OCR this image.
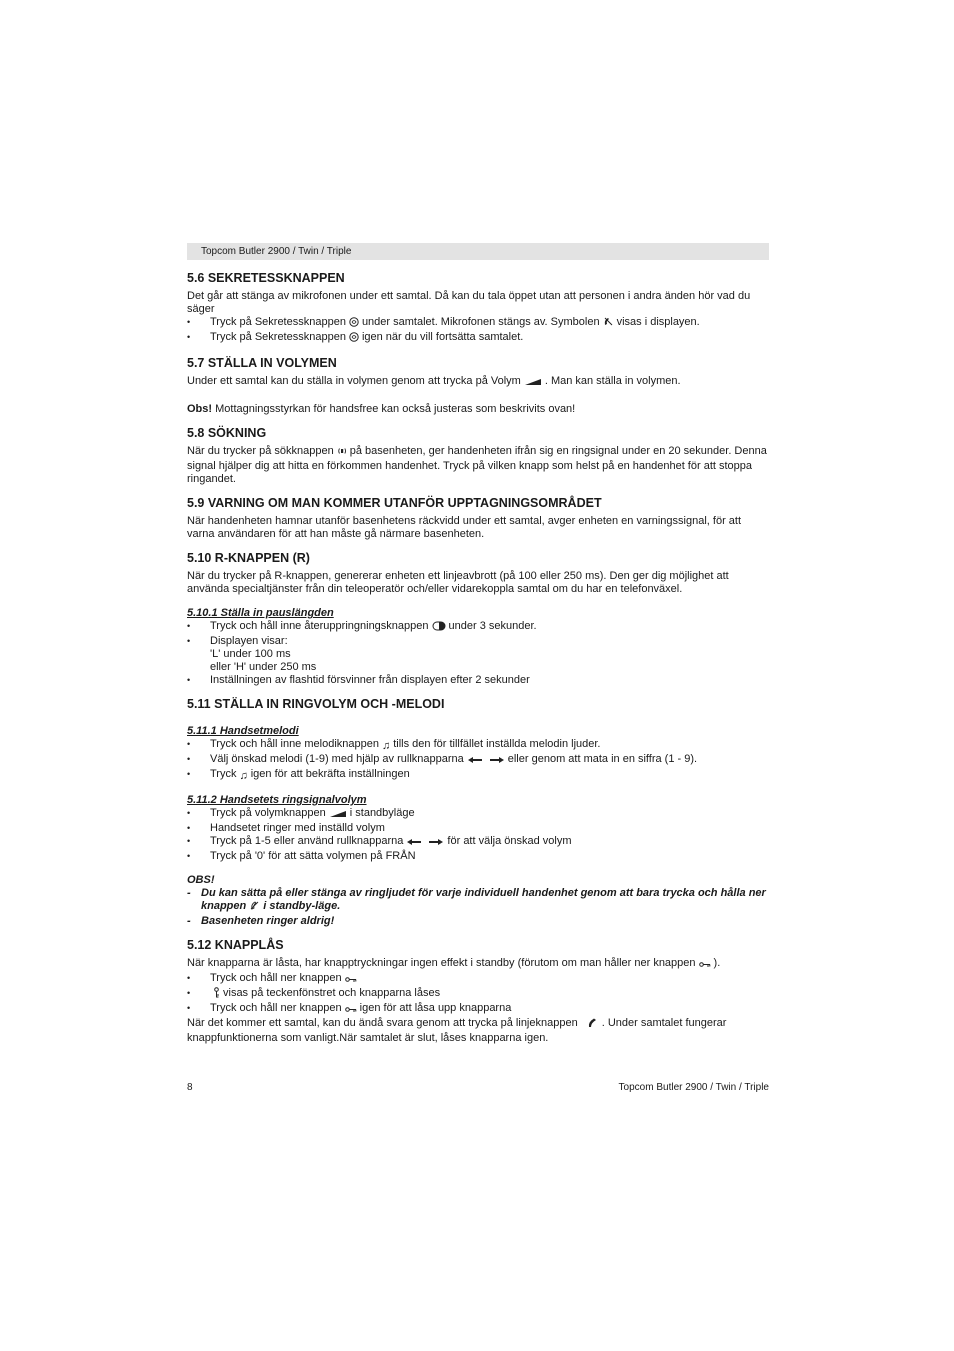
Topcom Butler 2900 / Twin / Triple
5.6 SEKRETESSKNAPPEN

Det går att stänga av mikrofonen under ett samtal. Då kan du tala öppet utan att personen i andra änden hör vad du säger

• Tryck på Sekretessknappen under samtalet. Mikrofonen stängs av. Symbolen visas i displayen.
• Tryck på Sekretessknappen igen när du vill fortsätta samtalet.
5.7 STÄLLA IN VOLYMEN

Under ett samtal kan du ställa in volymen genom att trycka på Volym . Man kan ställa in volymen.

Obs! Mottagningsstyrkan för handsfree kan också justeras som beskrivits ovan!

5.8 SÖKNING

När du trycker på sökknappen på basenheten, ger handenheten ifrån sig en ringsignal under en 20 sekunder. Denna signal hjälper dig att hitta en förkommen handenhet. Tryck på vilken knapp som helst på en handenhet för att stoppa ringandet.

5.9 VARNING OM MAN KOMMER UTANFÖR UPPTAGNINGSOMRÅDET

När handenheten hamnar utanför basenhetens räckvidd under ett samtal, avger enheten en varningssignal, för att varna användaren för att han måste gå närmare basenheten.

5.10 R-KNAPPEN (R)

När du trycker på R-knappen, genererar enheten ett linjeavbrott (på 100 eller 250 ms). Den ger dig möjlighet att använda specialtjänster från din teleoperatör och/eller vidarekoppla samtal om du har en telefonväxel.

5.10.1 Ställa in pauslängden

• Tryck och håll inne återuppringningsknappen under 3 sekunder.
• Displayen visar:
'L' under 100 ms
eller 'H' under 250 ms
• Inställningen av flashtid försvinner från displayen efter 2 sekunder
5.11 STÄLLA IN RINGVOLYM OCH -MELODI

5.11.1 Handsetmelodi

• Tryck och håll inne melodiknappen ♫ tills den för tillfället inställda melodin ljuder.
• Välj önskad melodi (1-9) med hjälp av rullknapparna	eller genom att mata in en siffra (1 - 9).
• Tryck ♫ igen för att bekräfta inställningen

5.11.2 Handsetets ringsignalvolym

• Tryck på volymknappen i standbyläge
• Handsetet ringer med inställd volym
• Tryck på 1-5 eller använd rullknapparna	för att välja önskad volym
• Tryck på '0' för att sätta volymen på FRÅN

OBS!

- Du kan sätta på eller stänga av ringljudet för varje individuell handenhet genom att bara trycka och hålla ner knappen i standby-läge.
- Basenheten ringer aldrig!
5.12 KNAPPLÅS

När knapparna är låsta, har knapptryckningar ingen effekt i standby (förutom om man håller ner knappen ).

• Tryck och håll ner knappen
• visas på teckenfönstret och knapparna låses
• Tryck och håll ner knappen igen för att låsa upp knapparna

När det kommer ett samtal, kan du ändå svara genom att trycka på linjeknappen . Under samtalet fungerar knappfunktionerna som vanligt.När samtalet är slut, låses knapparna igen.

8	Topcom Butler 2900 / Twin / Triple
